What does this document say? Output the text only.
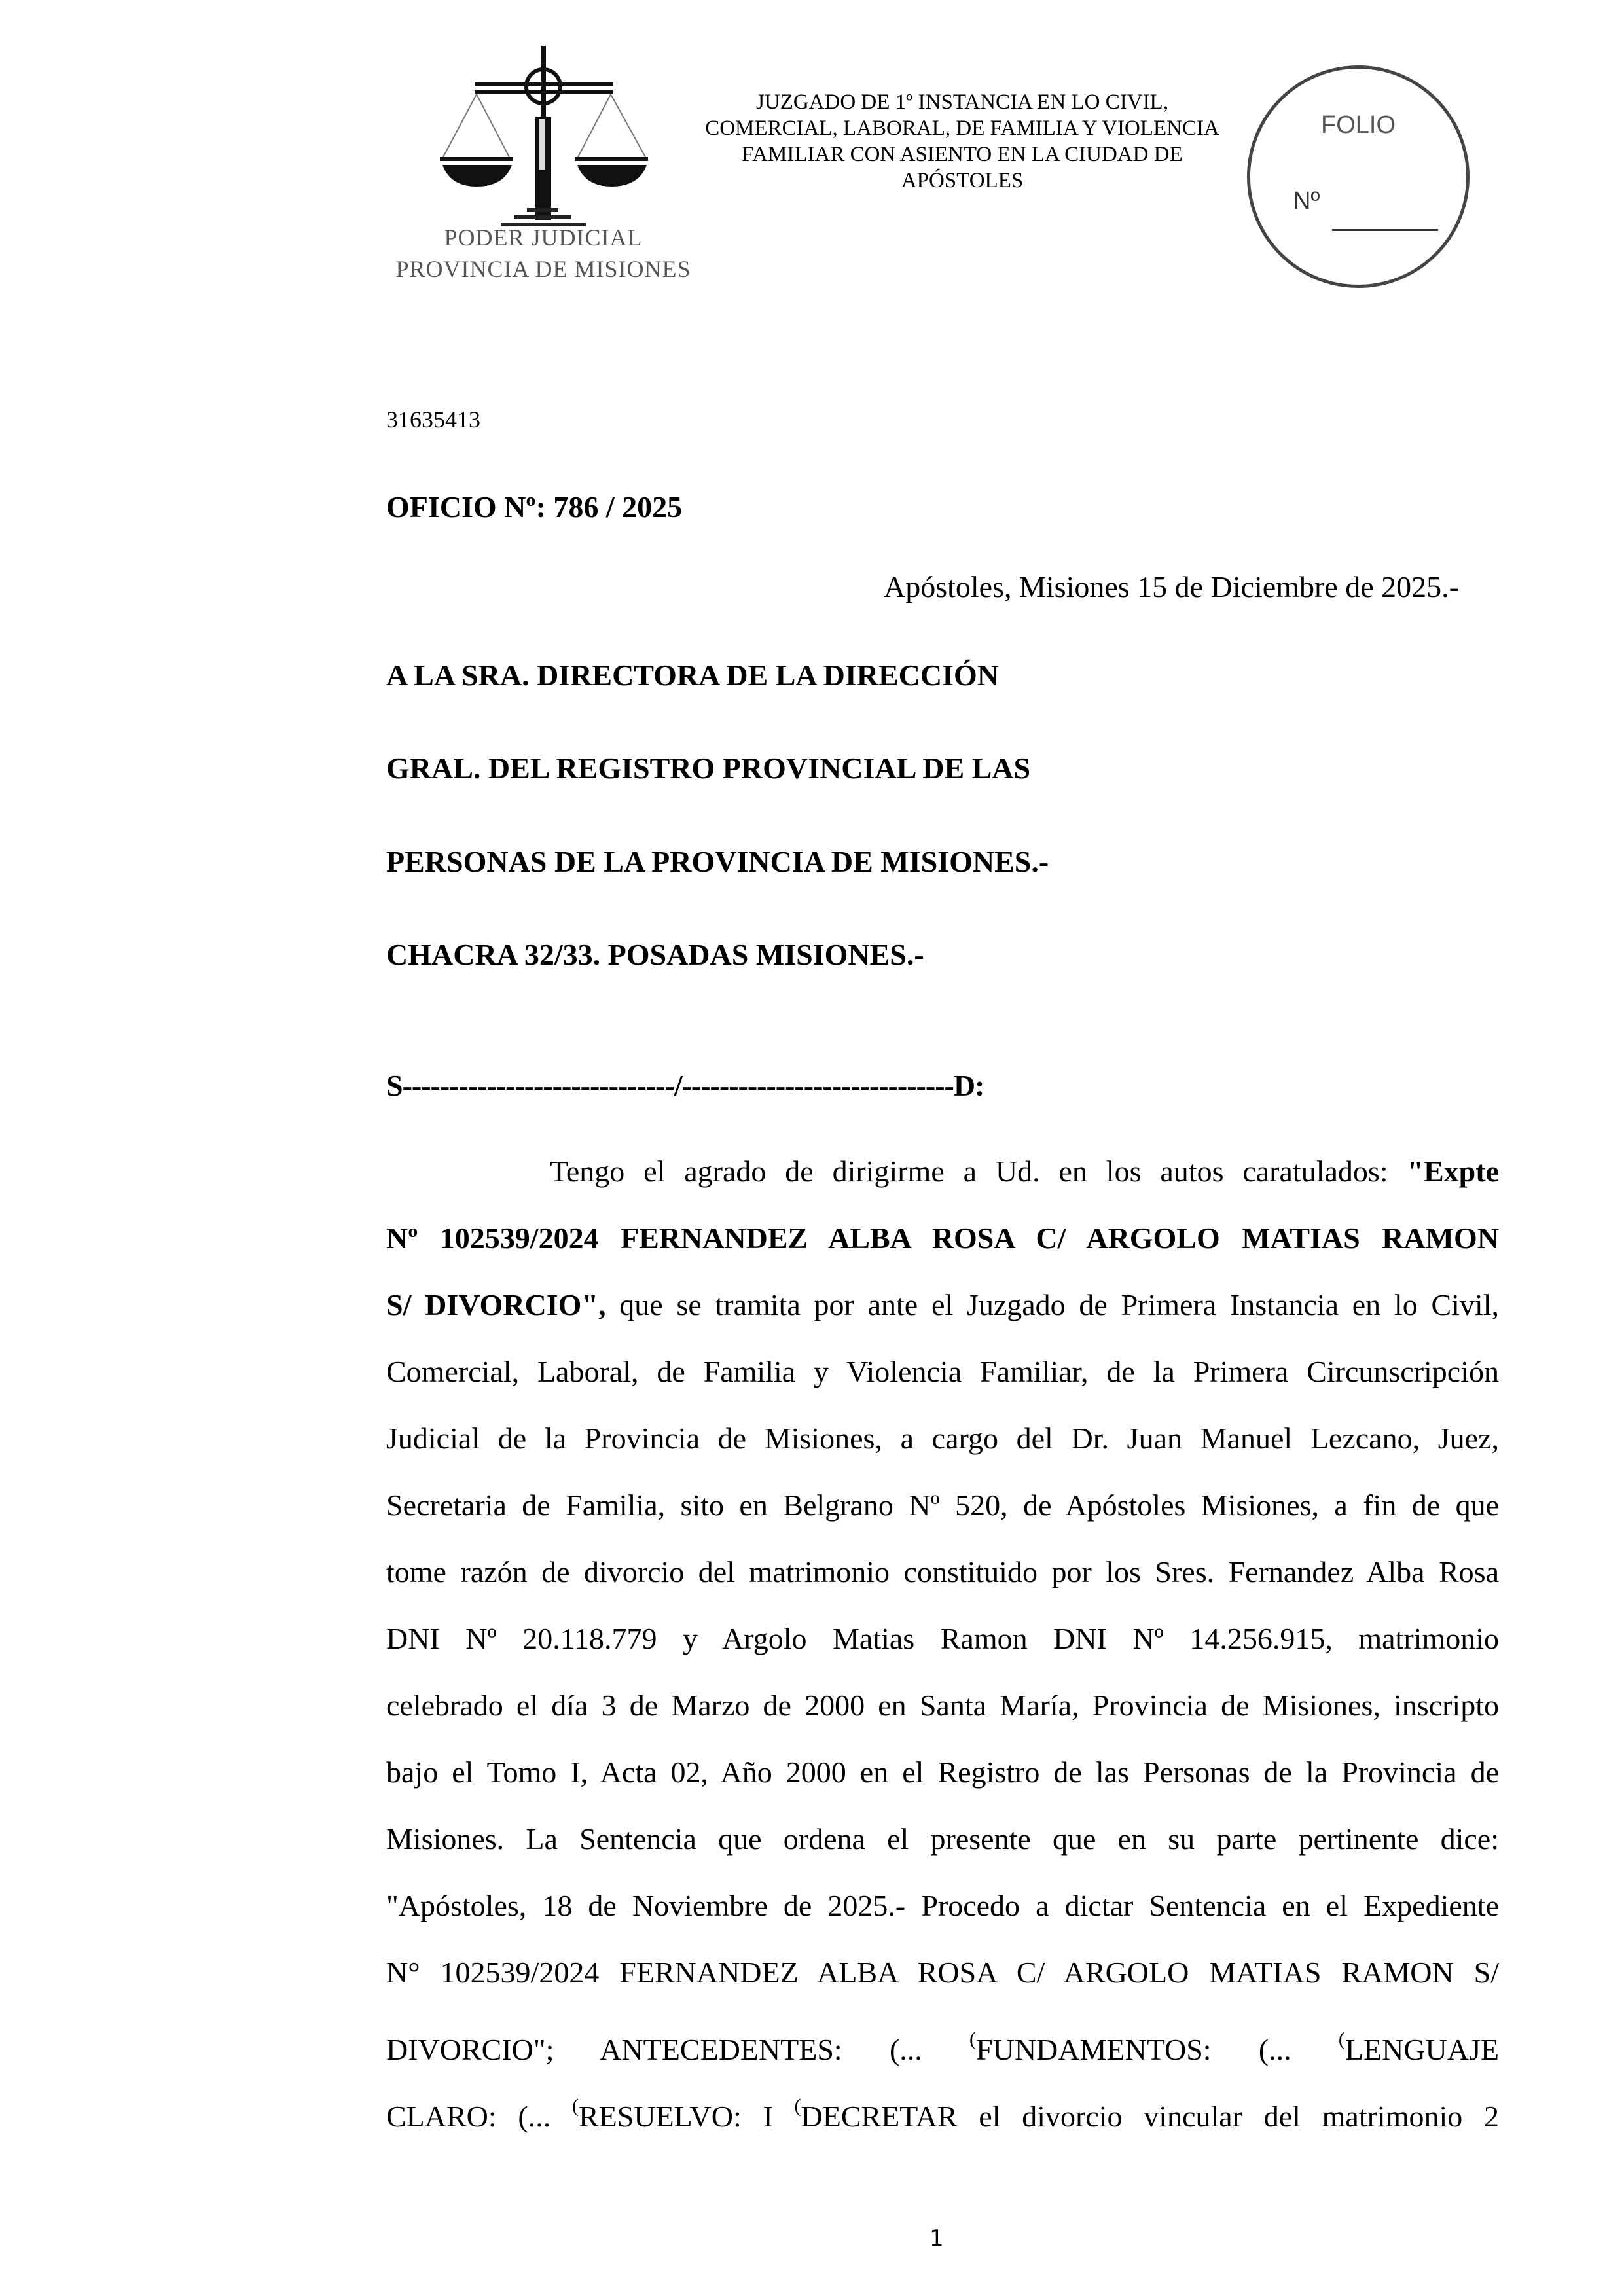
PODER JUDICIAL
PROVINCIA DE MISIONES
JUZGADO DE 1º INSTANCIA EN LO CIVIL,
COMERCIAL, LABORAL, DE FAMILIA Y VIOLENCIA
FAMILIAR CON ASIENTO EN LA CIUDAD DE
APÓSTOLES
FOLIO
Nº
31635413
OFICIO Nº: 786 / 2025
Apóstoles, Misiones 15 de Diciembre de 2025.-
A LA SRA. DIRECTORA DE LA DIRECCIÓN
GRAL. DEL REGISTRO PROVINCIAL DE LAS
PERSONAS DE LA PROVINCIA DE MISIONES.-
CHACRA 32/33. POSADAS MISIONES.-
S-----------------------------/-----------------------------D:
Tengo el agrado de dirigirme a Ud. en los autos caratulados: "Expte
Nº 102539/2024 FERNANDEZ ALBA ROSA C/ ARGOLO MATIAS RAMON
S/ DIVORCIO", que se tramita por ante el Juzgado de Primera Instancia en lo Civil,
Comercial, Laboral, de Familia y Violencia Familiar, de la Primera Circunscripción
Judicial de la Provincia de Misiones, a cargo del Dr. Juan Manuel Lezcano, Juez,
Secretaria de Familia, sito en Belgrano Nº 520, de Apóstoles Misiones, a fin de que
tome razón de divorcio del matrimonio constituido por los Sres. Fernandez Alba Rosa
DNI Nº 20.118.779 y Argolo Matias Ramon DNI Nº 14.256.915, matrimonio
celebrado el día 3 de Marzo de 2000 en Santa María, Provincia de Misiones, inscripto
bajo el Tomo I, Acta 02, Año 2000 en el Registro de las Personas de la Provincia de
Misiones. La Sentencia que ordena el presente que en su parte pertinente dice:
"Apóstoles, 18 de Noviembre de 2025.- Procedo a dictar Sentencia en el Expediente
N° 102539/2024 FERNANDEZ ALBA ROSA C/ ARGOLO MATIAS RAMON S/
DIVORCIO"; ANTECEDENTES: (... (FUNDAMENTOS: (... (LENGUAJE
CLARO: (... (RESUELVO: I (DECRETAR el divorcio vincular del matrimonio 2
1
